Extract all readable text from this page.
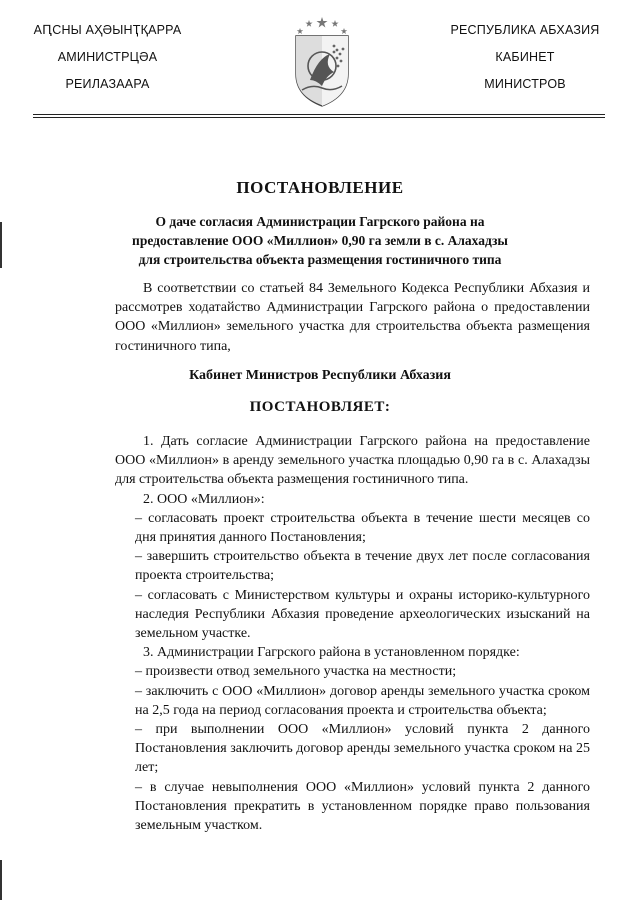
АԤСНЫ АҲӘЫНҬҚАРРА
АМИНИСТРЦӘА
РЕИЛАЗААРА
РЕСПУБЛИКА АБХАЗИЯ
КАБИНЕТ
МИНИСТРОВ
ПОСТАНОВЛЕНИЕ
О даче согласия Администрации Гагрского района на
предоставление ООО «Миллион» 0,90 га земли в с. Алахадзы
для строительства объекта размещения гостиничного типа

В соответствии со статьей 84 Земельного Кодекса Республики Абхазия и рассмотрев ходатайство Администрации Гагрского района о предоставлении ООО «Миллион» земельного участка для строительства объекта размещения гостиничного типа,

Кабинет Министров Республики Абхазия
ПОСТАНОВЛЯЕТ:

1. Дать согласие Администрации Гагрского района на предоставление ООО «Миллион» в аренду земельного участка площадью 0,90 га в с. Алахадзы для строительства объекта размещения гостиничного типа.

2. ООО «Миллион»:

– согласовать проект строительства объекта в течение шести месяцев со дня принятия данного Постановления;

– завершить строительство объекта в течение двух лет после согласования проекта строительства;

– согласовать с Министерством культуры и охраны историко-культурного наследия Республики Абхазия проведение археологических изысканий на земельном участке.

3. Администрации Гагрского района в установленном порядке:

– произвести отвод земельного участка на местности;

– заключить с ООО «Миллион» договор аренды земельного участка сроком на 2,5 года на период согласования проекта и строительства объекта;

– при выполнении ООО «Миллион» условий пункта 2 данного Постановления заключить договор аренды земельного участка сроком на 25 лет;

– в случае невыполнения ООО «Миллион» условий пункта 2 данного Постановления прекратить в установленном порядке право пользования земельным участком.
